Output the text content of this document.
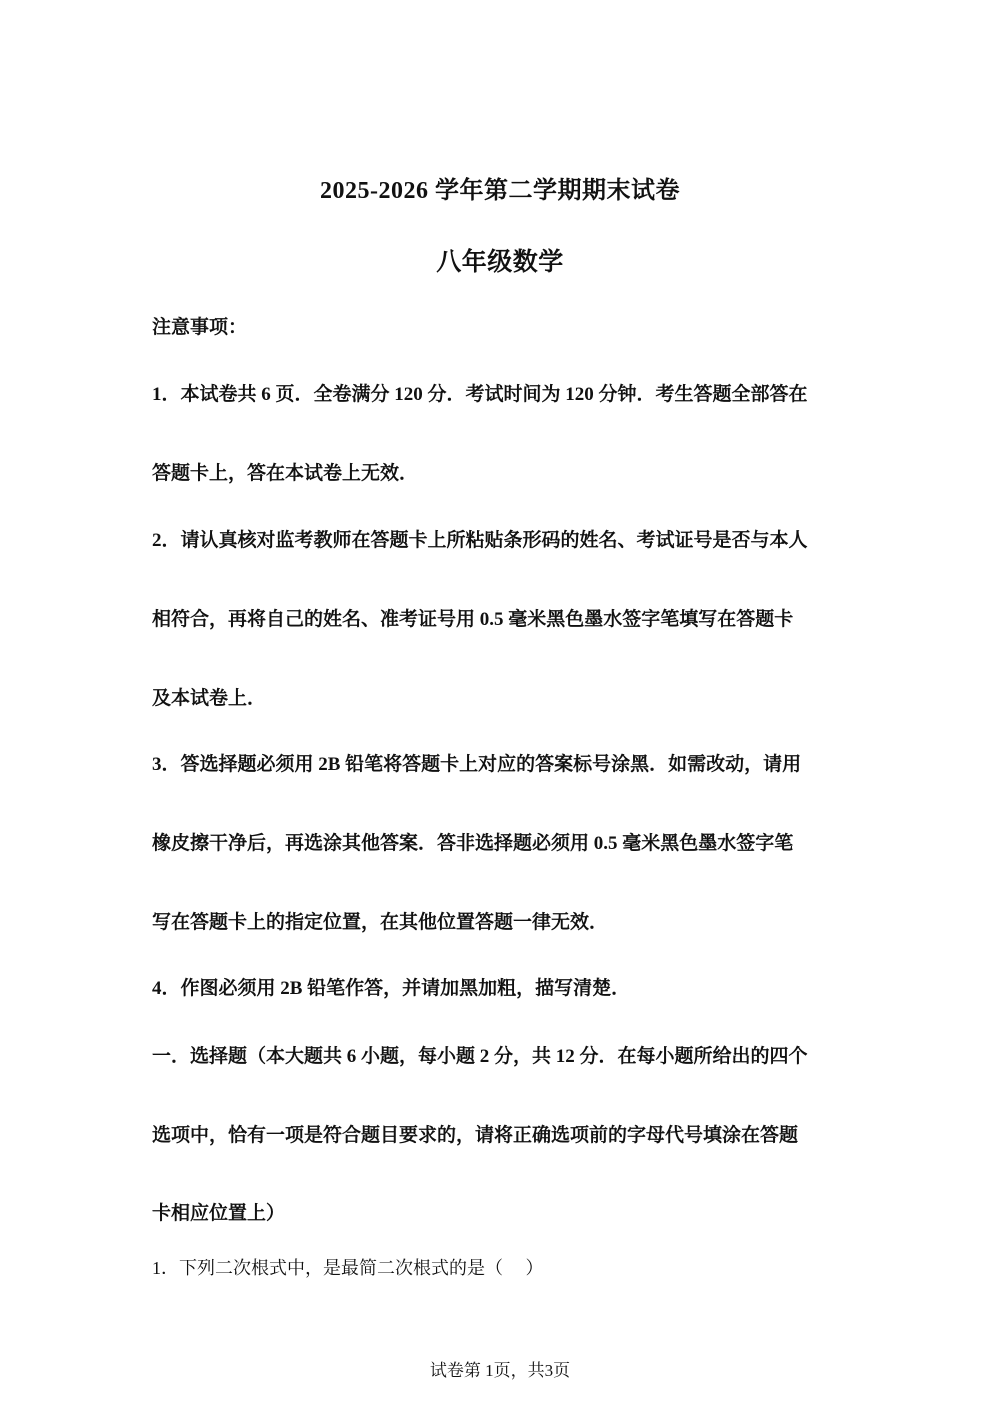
2025-2026 学年第二学期期末试卷
八年级数学
注意事项：
1．本试卷共 6 页．全卷满分 120 分．考试时间为 120 分钟．考生答题全部答在
答题卡上，答在本试卷上无效．
2．请认真核对监考教师在答题卡上所粘贴条形码的姓名、考试证号是否与本人
相符合，再将自己的姓名、准考证号用 0.5 毫米黑色墨水签字笔填写在答题卡
及本试卷上．
3．答选择题必须用 2B 铅笔将答题卡上对应的答案标号涂黑．如需改动，请用
橡皮擦干净后，再选涂其他答案．答非选择题必须用 0.5 毫米黑色墨水签字笔
写在答题卡上的指定位置，在其他位置答题一律无效．
4．作图必须用 2B 铅笔作答，并请加黑加粗，描写清楚．
一．选择题（本大题共 6 小题，每小题 2 分，共 12 分．在每小题所给出的四个
选项中，恰有一项是符合题目要求的，请将正确选项前的字母代号填涂在答题
卡相应位置上）
1．下列二次根式中，是最简二次根式的是（　 ）
试卷第 1页，共3页
